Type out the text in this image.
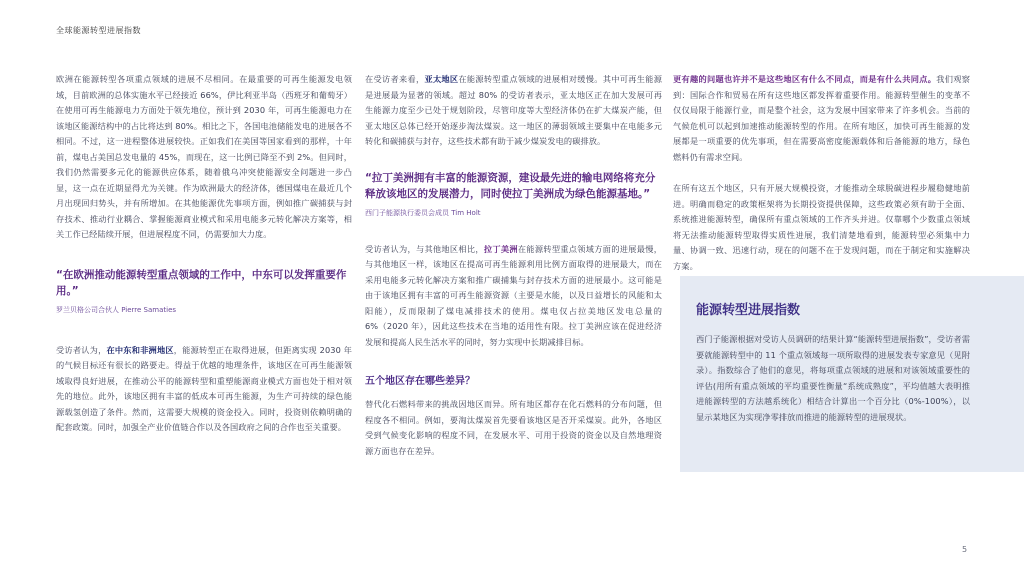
全球能源转型进展指数

欧洲在能源转型各项重点领域的进展不尽相同。在最重要的可再生能源发电领域，目前欧洲的总体实施水平已经接近 66%，伊比利亚半岛（西班牙和葡萄牙）在使用可再生能源电力方面处于领先地位，预计到 2030 年，可再生能源电力在该地区能源结构中的占比将达到 80%。相比之下，各国电池储能发电的进展各不相同。不过，这一进程整体进展较快。正如我们在美国等国家看到的那样，十年前，煤电占美国总发电量的 45%，而现在，这一比例已降至不到 2%。但同时，我们仍然需要多元化的能源供应体系，随着俄乌冲突使能源安全问题进一步凸显，这一点在近期显得尤为关键。作为欧洲最大的经济体，德国煤电在最近几个月出现回归势头，并有所增加。在其他能源优先事项方面，例如推广碳捕获与封存技术、推动行业耦合、掌握能源商业模式和采用电能多元转化解决方案等，相关工作已经陆续开展，但进展程度不同，仍需要加大力度。

“在欧洲推动能源转型重点领域的工作中，中东可以发挥重要作用。”

罗兰贝格公司合伙人 Pierre Samaties

受访者认为，在中东和非洲地区，能源转型正在取得进展，但距离实现 2030 年的气候目标还有很长的路要走。得益于优越的地理条件，该地区在可再生能源领域取得良好进展，在推动公平的能源转型和重塑能源商业模式方面也处于相对领先的地位。此外，该地区拥有丰富的低成本可再生能源，为生产可持续的绿色能源载氢创造了条件。然而，这需要大规模的资金投入。同时，投资则依赖明确的配套政策。同时，加强全产业价值链合作以及各国政府之间的合作也至关重要。

在受访者来看，亚太地区在能源转型重点领域的进展相对缓慢。其中可再生能源是进展最为显著的领域。超过 80% 的受访者表示，亚太地区正在加大发展可再生能源力度至少已处于规划阶段，尽管印度等大型经济体仍在扩大煤炭产能，但亚太地区总体已经开始逐步淘汰煤炭。这一地区的薄弱领域主要集中在电能多元转化和碳捕获与封存，这些技术都有助于减少煤炭发电的碳排放。

“拉丁美洲拥有丰富的能源资源，建设最先进的输电网络将充分释放该地区的发展潜力，同时使拉丁美洲成为绿色能源基地。”

西门子能源执行委员会成员 Tim Holt

受访者认为，与其他地区相比，拉丁美洲在能源转型重点领域方面的进展最慢，与其他地区一样，该地区在提高可再生能源利用比例方面取得的进展最大，而在采用电能多元转化解决方案和推广碳捕集与封存技术方面的进展最小。这可能是由于该地区拥有丰富的可再生能源资源（主要是水能，以及日益增长的风能和太阳能），反而限制了煤电减排技术的使用。煤电仅占拉美地区发电总量的 6%（2020 年），因此这些技术在当地的适用性有限。拉丁美洲应该在促进经济发展和提高人民生活水平的同时，努力实现中长期减排目标。

五个地区存在哪些差异？

替代化石燃料带来的挑战因地区而异。所有地区都存在化石燃料的分布问题，但程度各不相同。例如，要淘汰煤炭首先要看该地区是否开采煤炭。此外，各地区受到气候变化影响的程度不同，在发展水平、可用于投资的资金以及自然地理资源方面也存在差异。

更有趣的问题也许并不是这些地区有什么不同点，而是有什么共同点。我们观察到：国际合作和贸易在所有这些地区都发挥着重要作用。能源转型催生的变革不仅仅局限于能源行业，而是整个社会，这为发展中国家带来了许多机会。当前的气候危机可以起到加速推动能源转型的作用。在所有地区，加快可再生能源的发展都是一项重要的优先事项，但在需要高密度能源载体和后备能源的地方，绿色燃料仍有需求空间。

在所有这五个地区，只有开展大规模投资，才能推动全球脱碳进程步履稳健地前进。明确而稳定的政策框架将为长期投资提供保障，这些政策必须有助于全面、系统推进能源转型，确保所有重点领域的工作齐头并进。仅靠哪个少数重点领域将无法推动能源转型取得实质性进展，我们清楚地看到，能源转型必须集中力量、协调一致、迅速行动，现在的问题不在于发现问题，而在于制定和实施解决方案。

能源转型进展指数

西门子能源根据对受访人员调研的结果计算“能源转型进展指数”，受访者需要就能源转型中的 11 个重点领域每一项所取得的进展发表专家意见（见附录）。指数综合了他们的意见，将每项重点领域的进展和对该领域重要性的评估(用所有重点领域的平均重要性衡量“系统成熟度”，平均值越大表明推进能源转型的方法越系统化）相结合计算出一个百分比（0%-100%），以显示某地区为实现净零排放而推进的能源转型的进展现状。

5
